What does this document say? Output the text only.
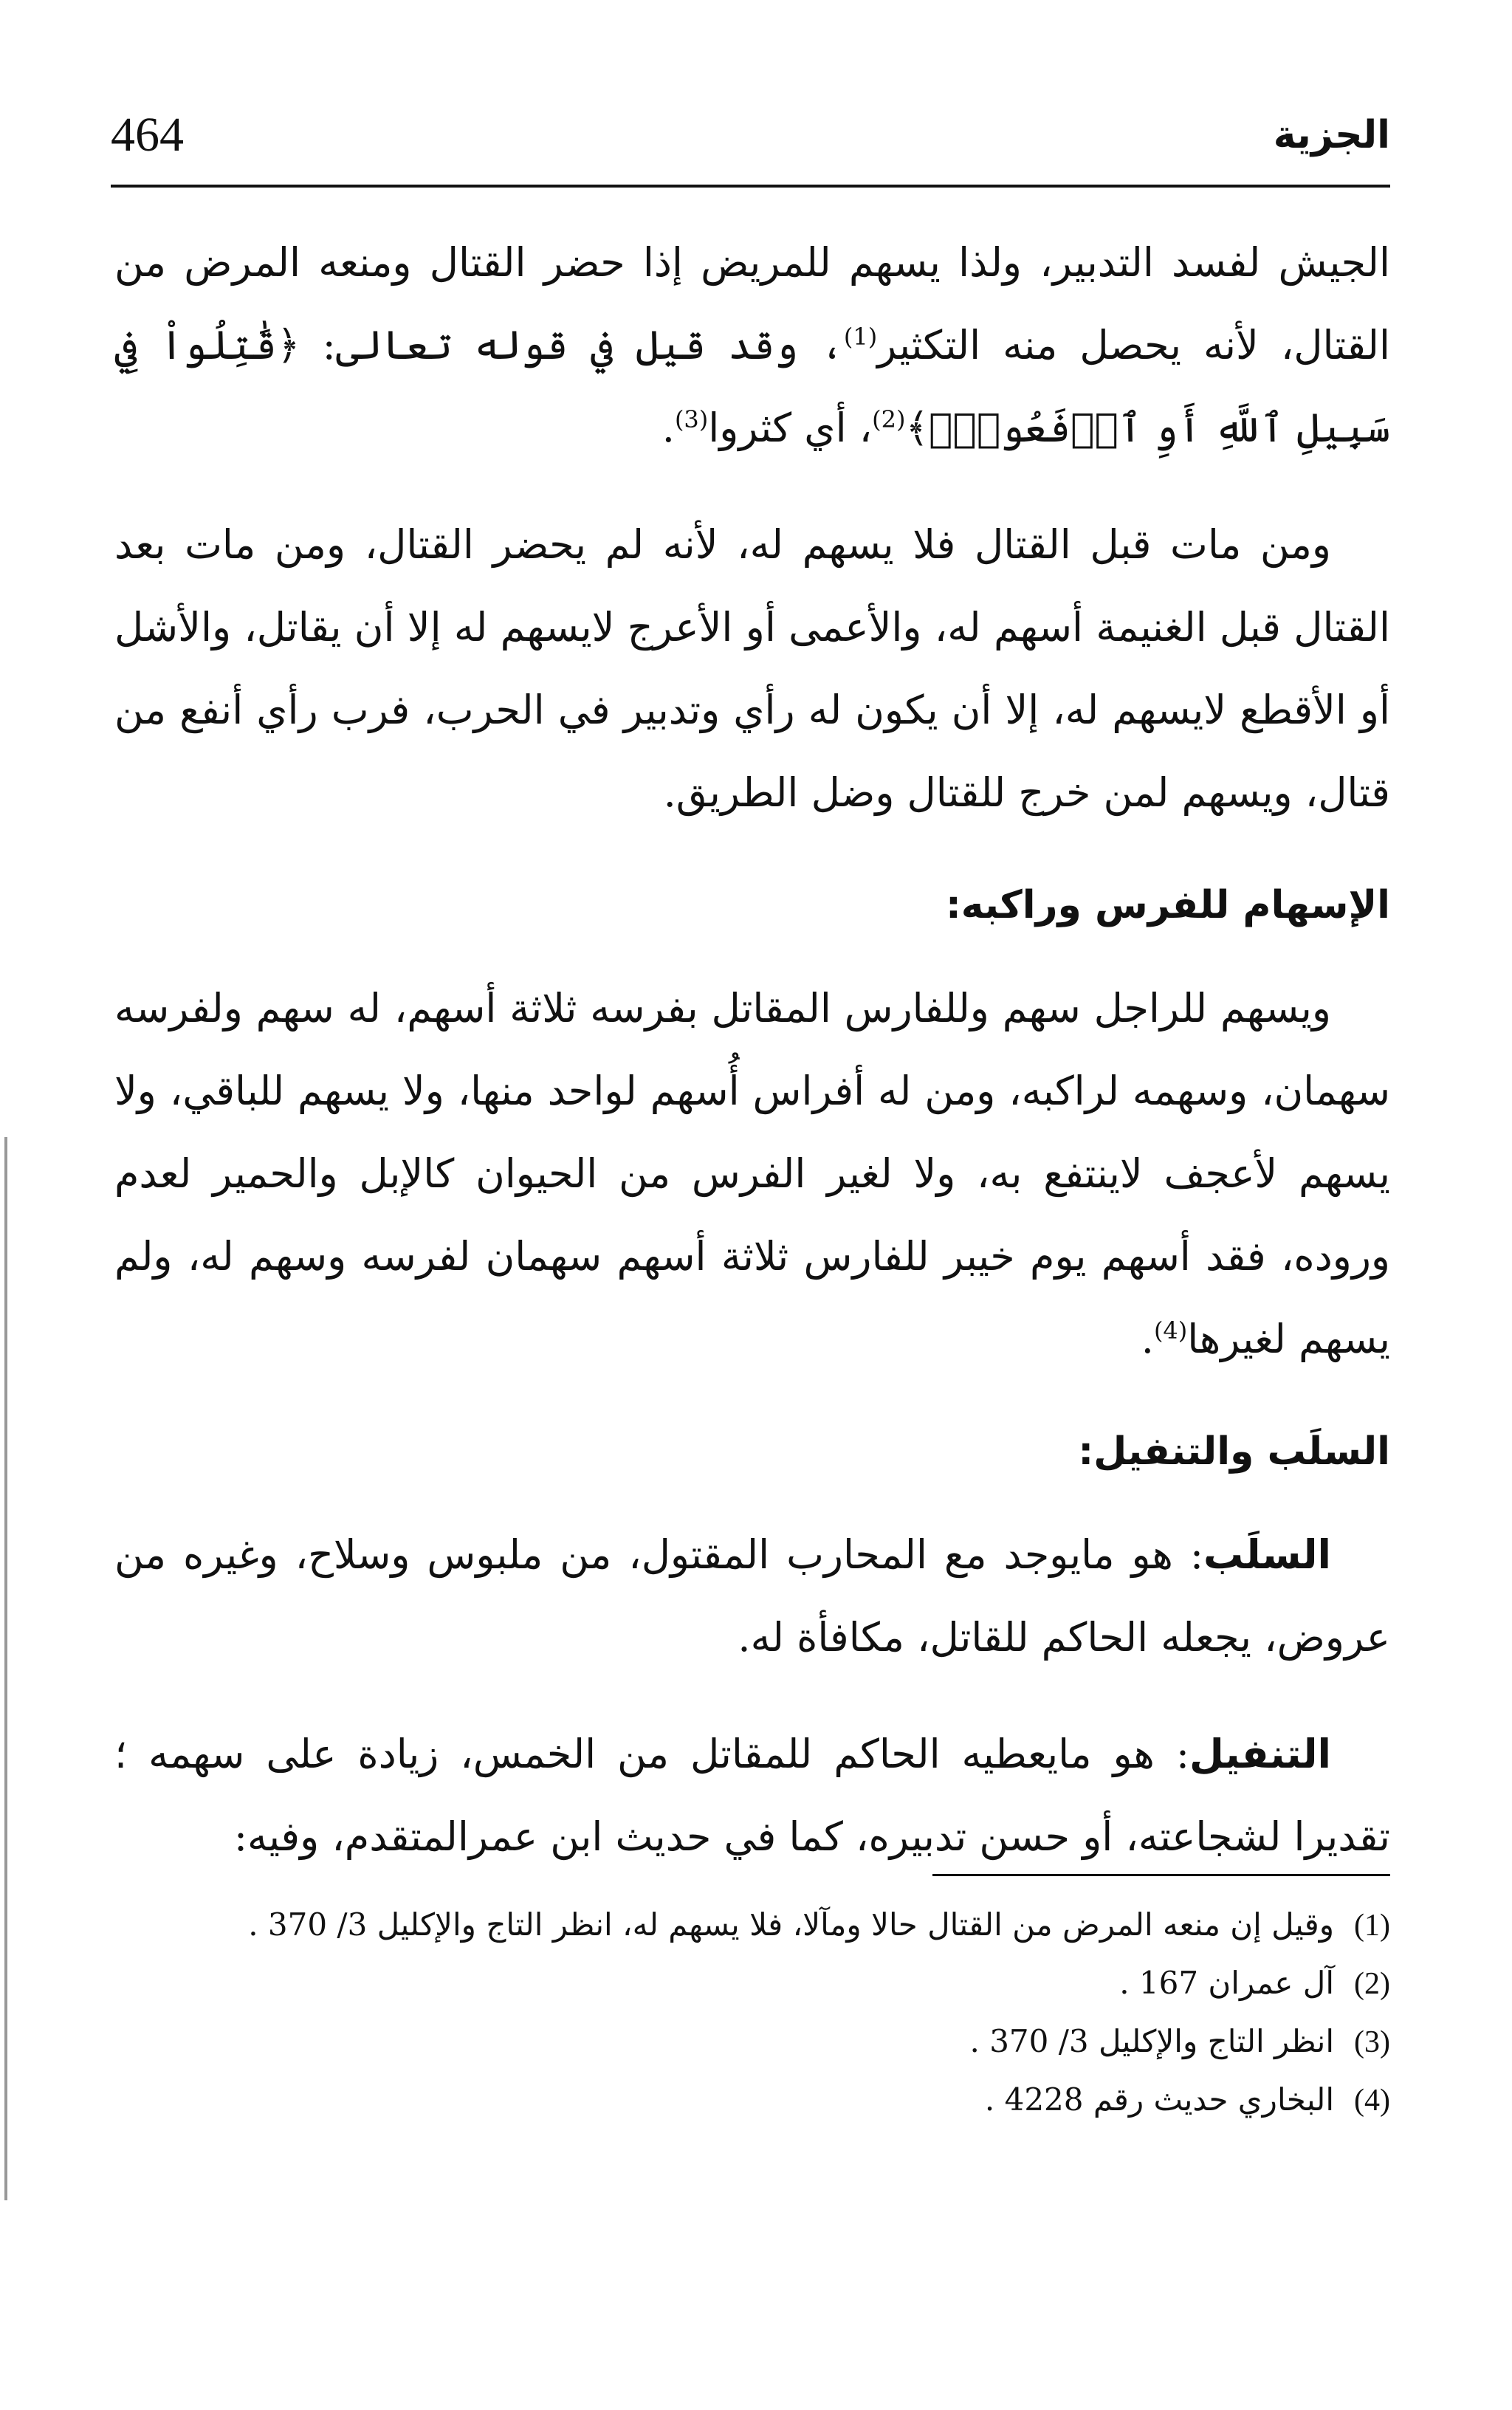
464	الجزية

الجيش لفسد التدبير، ولذا يسهم للمريض إذا حضر القتال ومنعه المرض من القتال، لأنه يحصل منه التكثير$^{(1)}$، وقد قيل في قوله تعالى: ﴿قَٰتِلُواْ فِي سَبِيلِ ٱللَّهِ أَوِ ٱدۡفَعُواْۖ﴾$^{(2)}$، أي كثروا$^{(3)}$.

ومن مات قبل القتال فلا يسهم له، لأنه لم يحضر القتال، ومن مات بعد القتال قبل الغنيمة أسهم له، والأعمى أو الأعرج لايسهم له إلا أن يقاتل، والأشل أو الأقطع لايسهم له، إلا أن يكون له رأي وتدبير في الحرب، فرب رأي أنفع من قتال، ويسهم لمن خرج للقتال وضل الطريق.

الإسهام للفرس وراكبه:

ويسهم للراجل سهم وللفارس المقاتل بفرسه ثلاثة أسهم، له سهم ولفرسه سهمان، وسهمه لراكبه، ومن له أفراس أُسهم لواحد منها، ولا يسهم للباقي، ولا يسهم لأعجف لاينتفع به، ولا لغير الفرس من الحيوان كالإبل والحمير لعدم وروده، فقد أسهم يوم خيبر للفارس ثلاثة أسهم سهمان لفرسه وسهم له، ولم يسهم لغيرها$^{(4)}$.

السلَب والتنفيل:

السلَب: هو مايوجد مع المحارب المقتول، من ملبوس وسلاح، وغيره من عروض، يجعله الحاكم للقاتل، مكافأة له.

التنفيل: هو مايعطيه الحاكم للمقاتل من الخمس، زيادة على سهمه ؛ تقديرا لشجاعته، أو حسن تدبيره، كما في حديث ابن عمرالمتقدم، وفيه:

(1)
وقيل إن منعه المرض من القتال حالا ومآلا، فلا يسهم له، انظر التاج والإكليل 3/ 370 .
(2)
آل عمران 167 .
(3)
انظر التاج والإكليل 3/ 370 .
(4)
البخاري حديث رقم 4228 .
